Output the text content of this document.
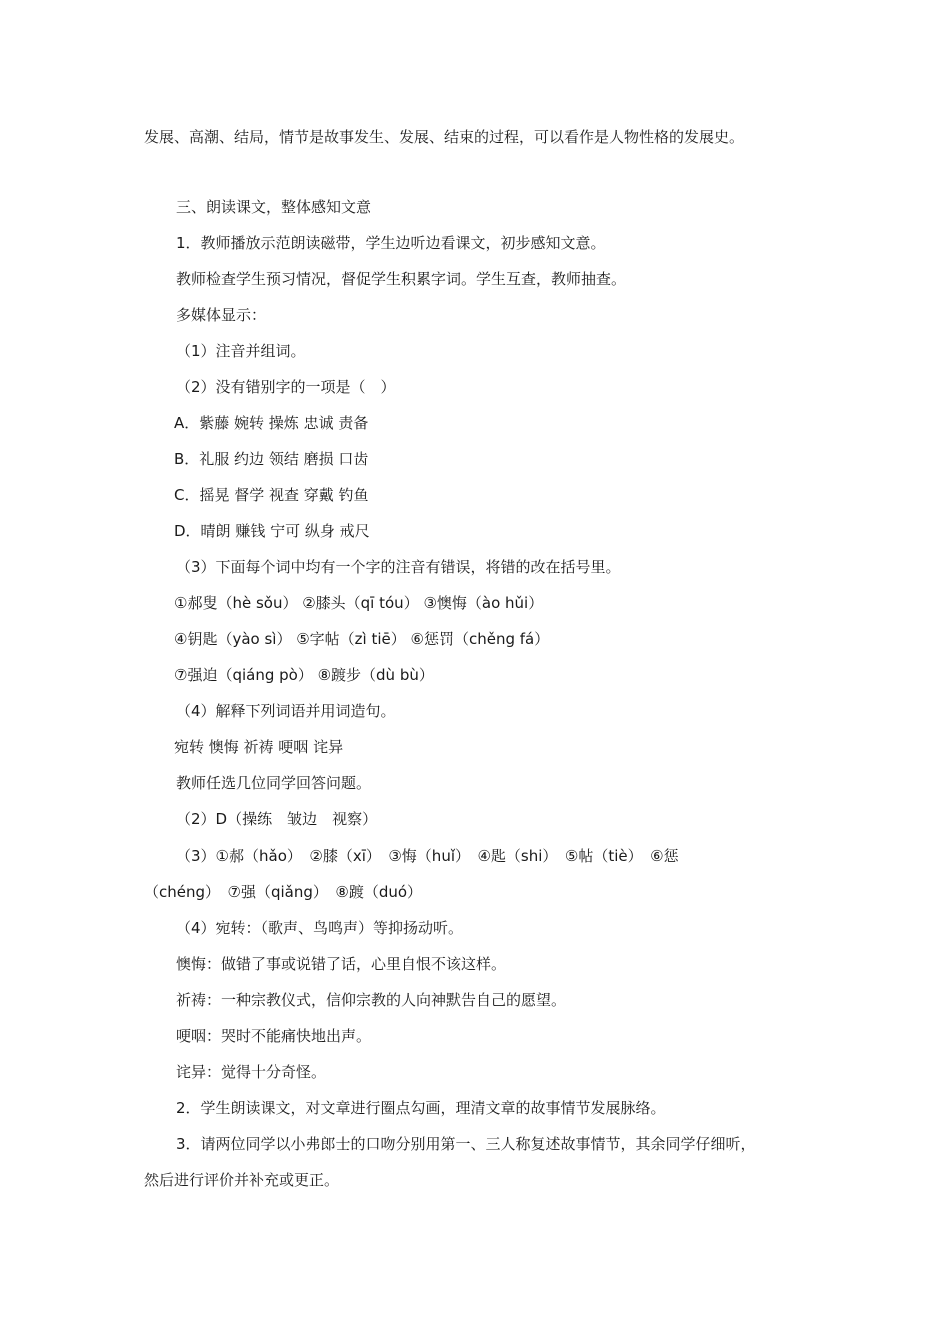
发展、高潮、结局，情节是故事发生、发展、结束的过程，可以看作是人物性格的发展史。
三、朗读课文，整体感知文意
1．教师播放示范朗读磁带，学生边听边看课文，初步感知文意。
教师检查学生预习情况，督促学生积累字词。学生互查，教师抽查。
多媒体显示：
（1）注音并组词。
（2）没有错别字的一项是（　）
A．紫藤 婉转 操炼 忠诚 责备
B．礼服 约边 领结 磨损 口齿
C．摇晃 督学 视查 穿戴 钓鱼
D．晴朗 赚钱 宁可 纵身 戒尺
（3）下面每个词中均有一个字的注音有错误，将错的改在括号里。
①郝叟（hè sǒu） ②膝头（qī tóu） ③懊悔（ào hǔi）
④钥匙（yào sì） ⑤字帖（zì tiē） ⑥惩罚（chěng fá）
⑦强迫（qiáng pò） ⑧踱步（dù bù）
（4）解释下列词语并用词造句。
宛转 懊悔 祈祷 哽咽 诧异
教师任选几位同学回答问题。
（2）D（操练　皱边　视察）
（3）①郝（hǎo）　②膝（xī）　③悔（huǐ）　④匙（shi）　⑤帖（tiè）　⑥惩
（chéng）　⑦强（qiǎng）　⑧踱（duó）
（4）宛转：（歌声、鸟鸣声）等抑扬动听。
懊悔：做错了事或说错了话，心里自恨不该这样。
祈祷：一种宗教仪式，信仰宗教的人向神默告自己的愿望。
哽咽：哭时不能痛快地出声。
诧异：觉得十分奇怪。
2．学生朗读课文，对文章进行圈点勾画，理清文章的故事情节发展脉络。
3．请两位同学以小弗郎士的口吻分别用第一、三人称复述故事情节，其余同学仔细听，
然后进行评价并补充或更正。
